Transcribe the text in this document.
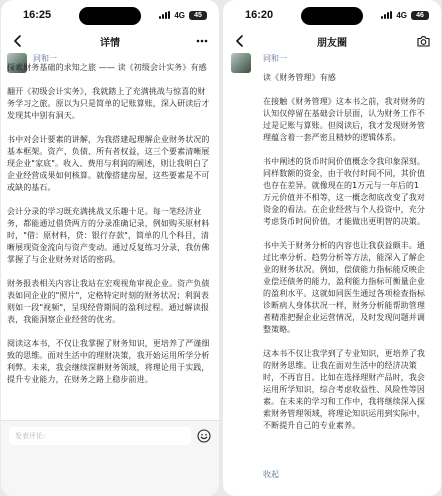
16:25	4G	45
详情
同和一

探索财务基础的求知之旅 —— 读《初级会计实务》有感

翻开《初级会计实务》，我就踏上了充满挑战与惊喜的财务学习之旅。原以为只是简单的记账算账，深入研读后才发现其中别有洞天。

书中对会计要素的讲解，为我搭建起理解企业财务状况的基本框架。资产、负债、所有者权益，这三个要素清晰展现企业"家底"。收入、费用与利润的阐述，则让我明白了企业经营成果如何核算。就像搭建房屋，这些要素是不可或缺的基石。

会计分录的学习既充满挑战又乐趣十足。每一笔经济业务，都能通过借贷两方的分录准确记录，例如购买原材料时，"借：原材料，贷：银行存款"，简单的几个科目，清晰展现资金流向与资产变动。通过反复练习分录，我仿佛掌握了与企业财务对话的密码。

财务报表相关内容让我站在宏观视角审视企业。资产负债表如同企业的"照片"，定格特定时刻的财务状况；利润表则如一段"视频"，呈现经营期间的盈利过程。通过解读报表，我能洞察企业经营的优劣。

阅读这本书，不仅让我掌握了财务知识，更培养了严谨细致的思维。面对生活中的理财决策，我开始运用所学分析利弊。未来，我会继续深耕财务领域，将理论用于实践，提升专业能力，在财务之路上稳步前进。

发表评论:
16:20	4G	46
朋友圈
同和一

读《财务管理》有感

在接触《财务管理》这本书之前，我对财务的认知仅停留在基础会计层面，认为财务工作不过是记账与算账。但阅读后，我才发现财务管理蕴含着一套严密且精妙的逻辑体系。

书中阐述的货币时间价值概念令我印象深刻。同样数额的资金，由于收付时间不同，其价值也存在差异。就像现在的1万元与一年后的1万元价值并不相等，这一概念彻底改变了我对资金的看法。在企业经营与个人投资中，充分考虑货币时间价值，才能做出更明智的决策。

书中关于财务分析的内容也让我获益颇丰。通过比率分析、趋势分析等方法，能深入了解企业的财务状况。例如，偿债能力指标能反映企业偿还债务的能力，盈利能力指标可衡量企业的盈利水平。这就如同医生通过各项检查指标诊断病人身体状况一样，财务分析能帮助管理者精准把握企业运营情况，及时发现问题并调整策略。

这本书不仅让我学到了专业知识，更培养了我的财务思维。让我在面对生活中的经济决策时，不再盲目。比如在选择理财产品时，我会运用所学知识，综合考虑收益性、风险性等因素。在未来的学习和工作中，我将继续深入探索财务管理领域，将理论知识运用到实际中，不断提升自己的专业素养。

收起
